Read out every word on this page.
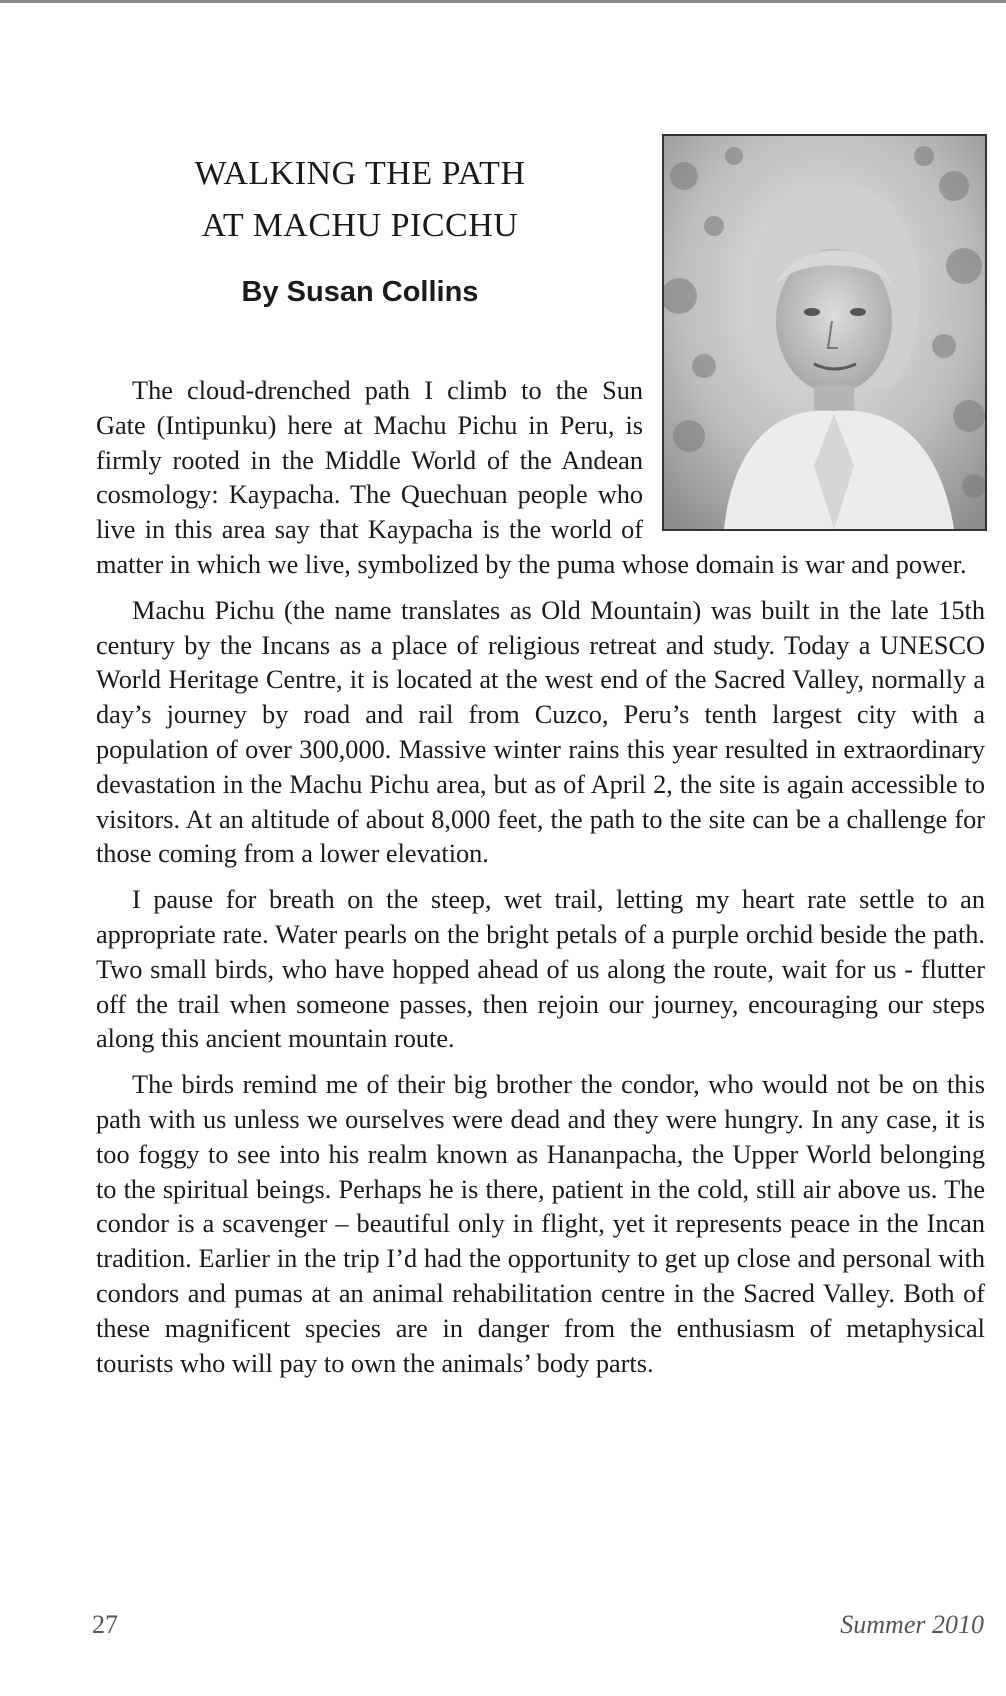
WALKING THE PATH
AT MACHU PICCHU
By Susan Collins

The cloud-drenched path I climb to the Sun Gate (Intipunku) here at Machu Pichu in Peru, is firmly rooted in the Middle World of the Andean cosmology: Kaypacha. The Quechuan people who live in this area say that Kaypacha is the world of matter in which we live, symbolized by the puma whose domain is war and power.

Machu Pichu (the name translates as Old Mountain) was built in the late 15th century by the Incans as a place of religious retreat and study. Today a UNESCO World Heritage Centre, it is located at the west end of the Sacred Valley, normally a day’s journey by road and rail from Cuzco, Peru’s tenth largest city with a population of over 300,000. Massive winter rains this year resulted in extraordinary devastation in the Machu Pichu area, but as of April 2, the site is again accessible to visitors. At an altitude of about 8,000 feet, the path to the site can be a challenge for those coming from a lower elevation.

I pause for breath on the steep, wet trail, letting my heart rate settle to an appropriate rate. Water pearls on the bright petals of a purple orchid beside the path. Two small birds, who have hopped ahead of us along the route, wait for us - flutter off the trail when someone passes, then rejoin our journey, encouraging our steps along this ancient mountain route.

The birds remind me of their big brother the condor, who would not be on this path with us unless we ourselves were dead and they were hungry. In any case, it is too foggy to see into his realm known as Hananpacha, the Upper World belonging to the spiritual beings. Perhaps he is there, patient in the cold, still air above us. The condor is a scavenger – beautiful only in flight, yet it represents peace in the Incan tradition. Earlier in the trip I’d had the opportunity to get up close and personal with condors and pumas at an animal rehabilitation centre in the Sacred Valley. Both of these magnificent species are in danger from the enthusiasm of metaphysical tourists who will pay to own the animals’ body parts.

27	Summer 2010
